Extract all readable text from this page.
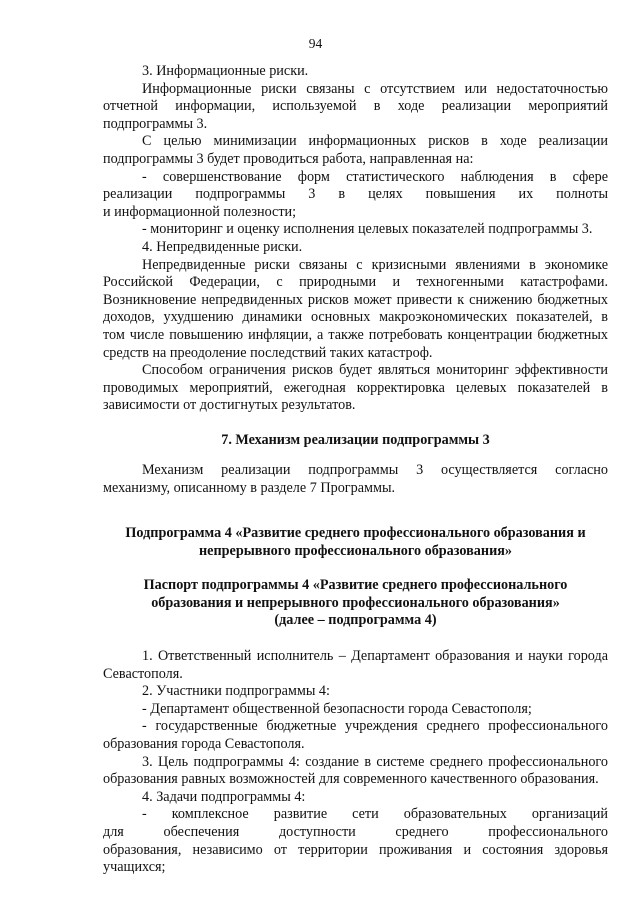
94
3. Информационные риски.
Информационные риски связаны с отсутствием или недостаточностью
отчетной информации, используемой в ходе реализации мероприятий
подпрограммы 3.
С целью минимизации информационных рисков в ходе реализации
подпрограммы 3 будет проводиться работа, направленная на:
- совершенствование форм статистического наблюдения в сфере
реализации подпрограммы 3 в целях повышения их полноты
и информационной полезности;
- мониторинг и оценку исполнения целевых показателей подпрограммы 3.
4. Непредвиденные риски.
Непредвиденные риски связаны с кризисными явлениями в экономике
Российской Федерации, с природными и техногенными катастрофами.
Возникновение непредвиденных рисков может привести к снижению бюджетных
доходов, ухудшению динамики основных макроэкономических показателей, в
том числе повышению инфляции, а также потребовать концентрации бюджетных
средств на преодоление последствий таких катастроф.
Способом ограничения рисков будет являться мониторинг эффективности
проводимых мероприятий, ежегодная корректировка целевых показателей в
зависимости от достигнутых результатов.
7. Механизм реализации подпрограммы 3
Механизм реализации подпрограммы 3 осуществляется согласно
механизму, описанному в разделе 7 Программы.
Подпрограмма 4 «Развитие среднего профессионального образования и
непрерывного профессионального образования»
Паспорт подпрограммы 4 «Развитие среднего профессионального
образования и непрерывного профессионального образования»
(далее – подпрограмма 4)
1. Ответственный исполнитель – Департамент образования и науки города
Севастополя.
2. Участники подпрограммы 4:
- Департамент общественной безопасности города Севастополя;
- государственные бюджетные учреждения среднего профессионального
образования города Севастополя.
3. Цель подпрограммы 4: создание в системе среднего профессионального
образования равных возможностей для современного качественного образования.
4. Задачи подпрограммы 4:
- комплексное развитие сети образовательных организаций
для обеспечения доступности среднего профессионального
образования, независимо от территории проживания и состояния здоровья
учащихся;
